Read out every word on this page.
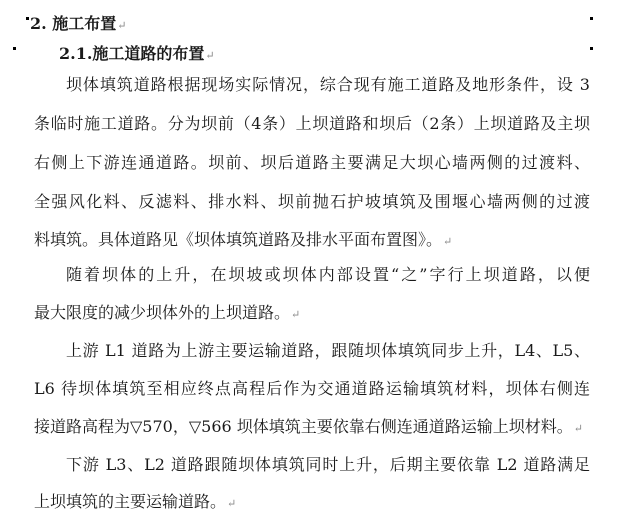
2. 施工布置↵
2.1.施工道路的布置↵
坝体填筑道路根据现场实际情况，综合现有施工道路及地形条件，设 3
条临时施工道路。分为坝前（4条）上坝道路和坝后（2条）上坝道路及主坝
右侧上下游连通道路。坝前、坝后道路主要满足大坝心墙两侧的过渡料、
全强风化料、反滤料、排水料、坝前抛石护坡填筑及围堰心墙两侧的过渡
料填筑。具体道路见《坝体填筑道路及排水平面布置图》。↵
随着坝体的上升，在坝坡或坝体内部设置“之”字行上坝道路，以便
最大限度的减少坝体外的上坝道路。↵
上游 L1 道路为上游主要运输道路，跟随坝体填筑同步上升，L4、L5、
L6 待坝体填筑至相应终点高程后作为交通道路运输填筑材料，坝体右侧连
接道路高程为▽570，▽566 坝体填筑主要依靠右侧连通道路运输上坝材料。↵
下游 L3、L2 道路跟随坝体填筑同时上升，后期主要依靠 L2 道路满足
上坝填筑的主要运输道路。↵
